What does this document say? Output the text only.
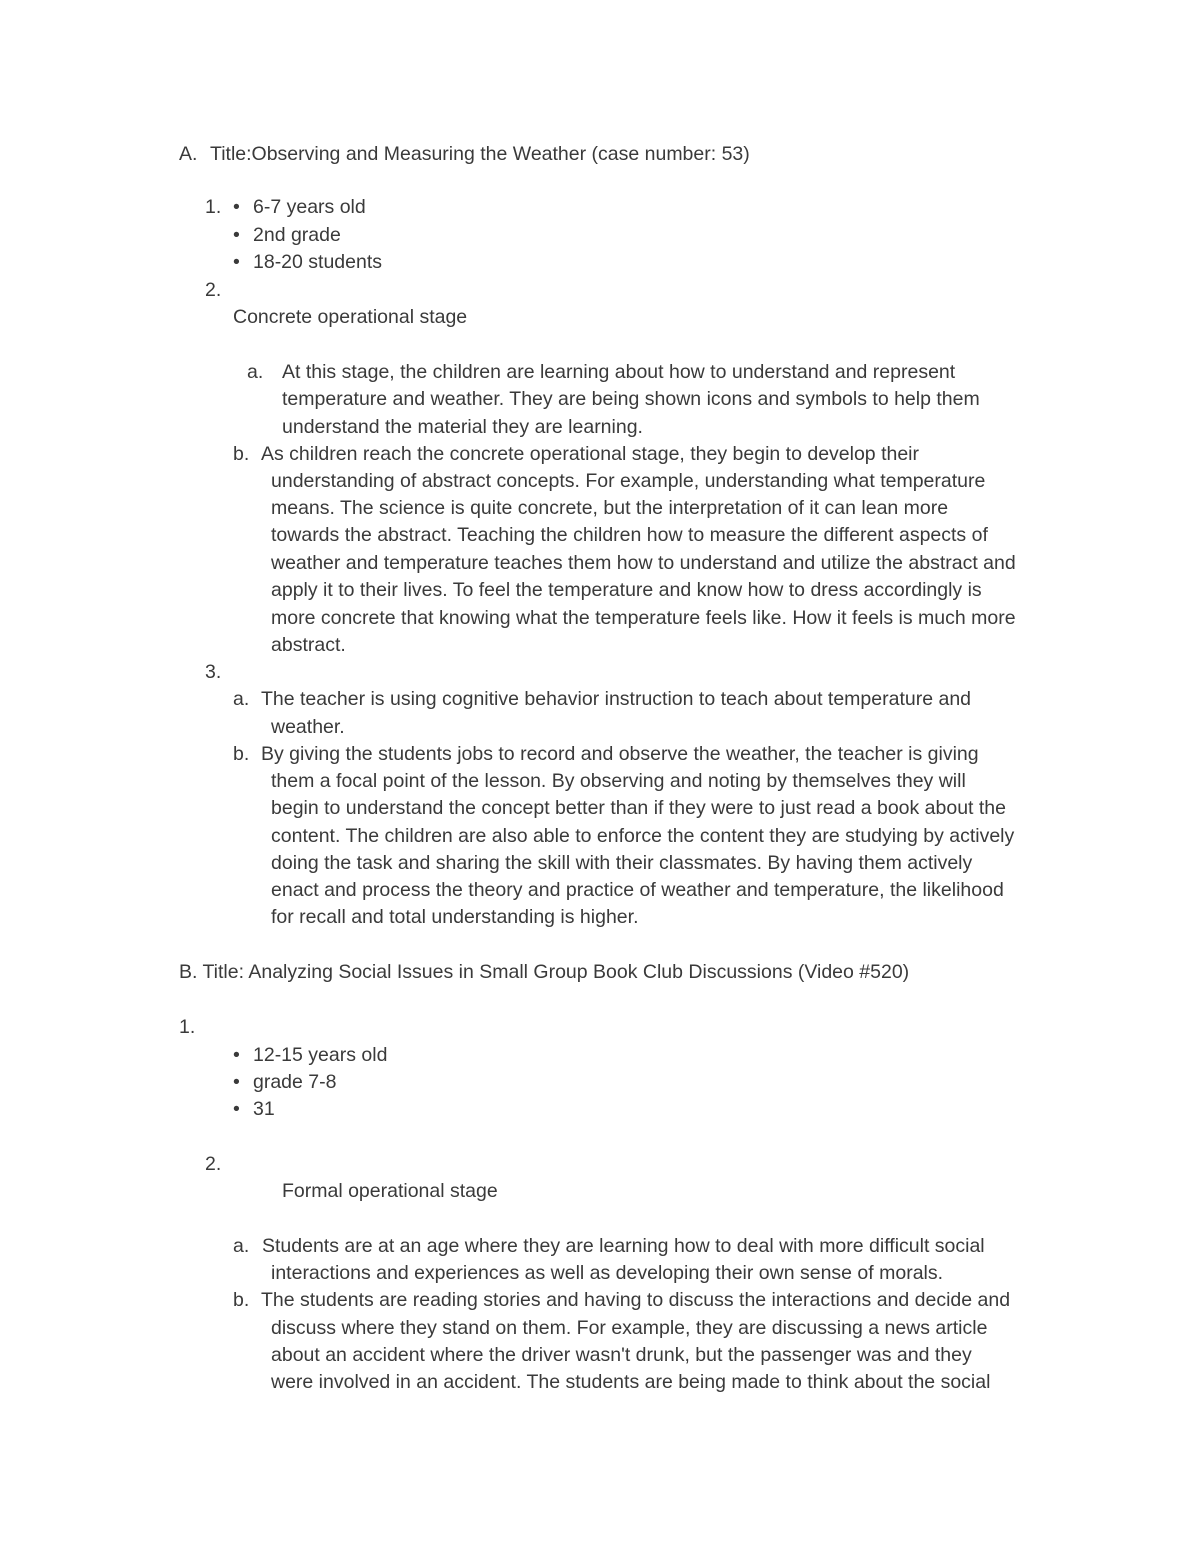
A. Title:Observing and Measuring the Weather (case number: 53)
1. • 6-7 years old
• 2nd grade
• 18-20 students
2.
Concrete operational stage
a. At this stage, the children are learning about how to understand and represent
temperature and weather. They are being shown icons and symbols to help them
understand the material they are learning.
b. As children reach the concrete operational stage, they begin to develop their
understanding of abstract concepts. For example, understanding what temperature
means. The science is quite concrete, but the interpretation of it can lean more
towards the abstract. Teaching the children how to measure the different aspects of
weather and temperature teaches them how to understand and utilize the abstract and
apply it to their lives. To feel the temperature and know how to dress accordingly is
more concrete that knowing what the temperature feels like. How it feels is much more
abstract.
3.
a. The teacher is using cognitive behavior instruction to teach about temperature and
weather.
b. By giving the students jobs to record and observe the weather, the teacher is giving
them a focal point of the lesson. By observing and noting by themselves they will
begin to understand the concept better than if they were to just read a book about the
content. The children are also able to enforce the content they are studying by actively
doing the task and sharing the skill with their classmates. By having them actively
enact and process the theory and practice of weather and temperature, the likelihood
for recall and total understanding is higher.
B. Title: Analyzing Social Issues in Small Group Book Club Discussions (Video #520)
1.
• 12-15 years old
• grade 7-8
• 31
2.
Formal operational stage
a. Students are at an age where they are learning how to deal with more difficult social
interactions and experiences as well as developing their own sense of morals.
b. The students are reading stories and having to discuss the interactions and decide and
discuss where they stand on them. For example, they are discussing a news article
about an accident where the driver wasn't drunk, but the passenger was and they
were involved in an accident. The students are being made to think about the social
